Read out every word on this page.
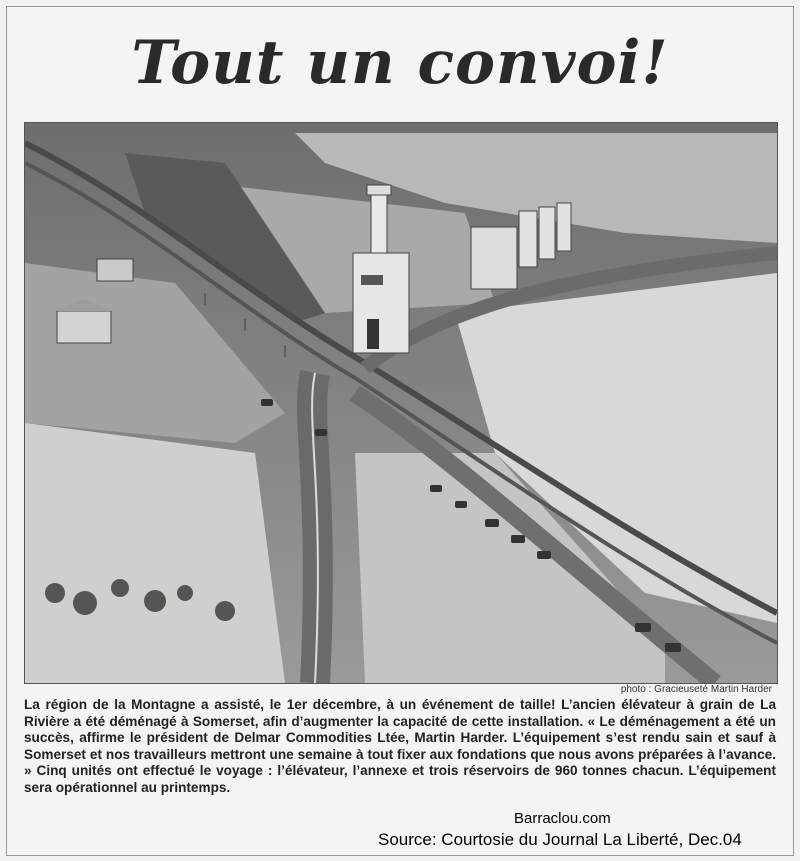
Tout un convoi!
photo : Gracieuseté Martin Harder
La région de la Montagne a assisté, le 1er décembre, à un événement de taille! L’ancien élévateur à grain de La Rivière a été déménagé à Somerset, afin d’augmenter la capacité de cette installation. « Le déménagement a été un succès, affirme le président de Delmar Commodities Ltée, Martin Harder. L’équipement s’est rendu sain et sauf à Somerset et nos travailleurs mettront une semaine à tout fixer aux fondations que nous avons préparées à l’avance. » Cinq unités ont effectué le voyage : l’élévateur, l’annexe et trois réservoirs de 960 tonnes chacun. L’équipement sera opérationnel au printemps.
Barraclou.com
Source: Courtosie du Journal La Liberté, Dec.04
